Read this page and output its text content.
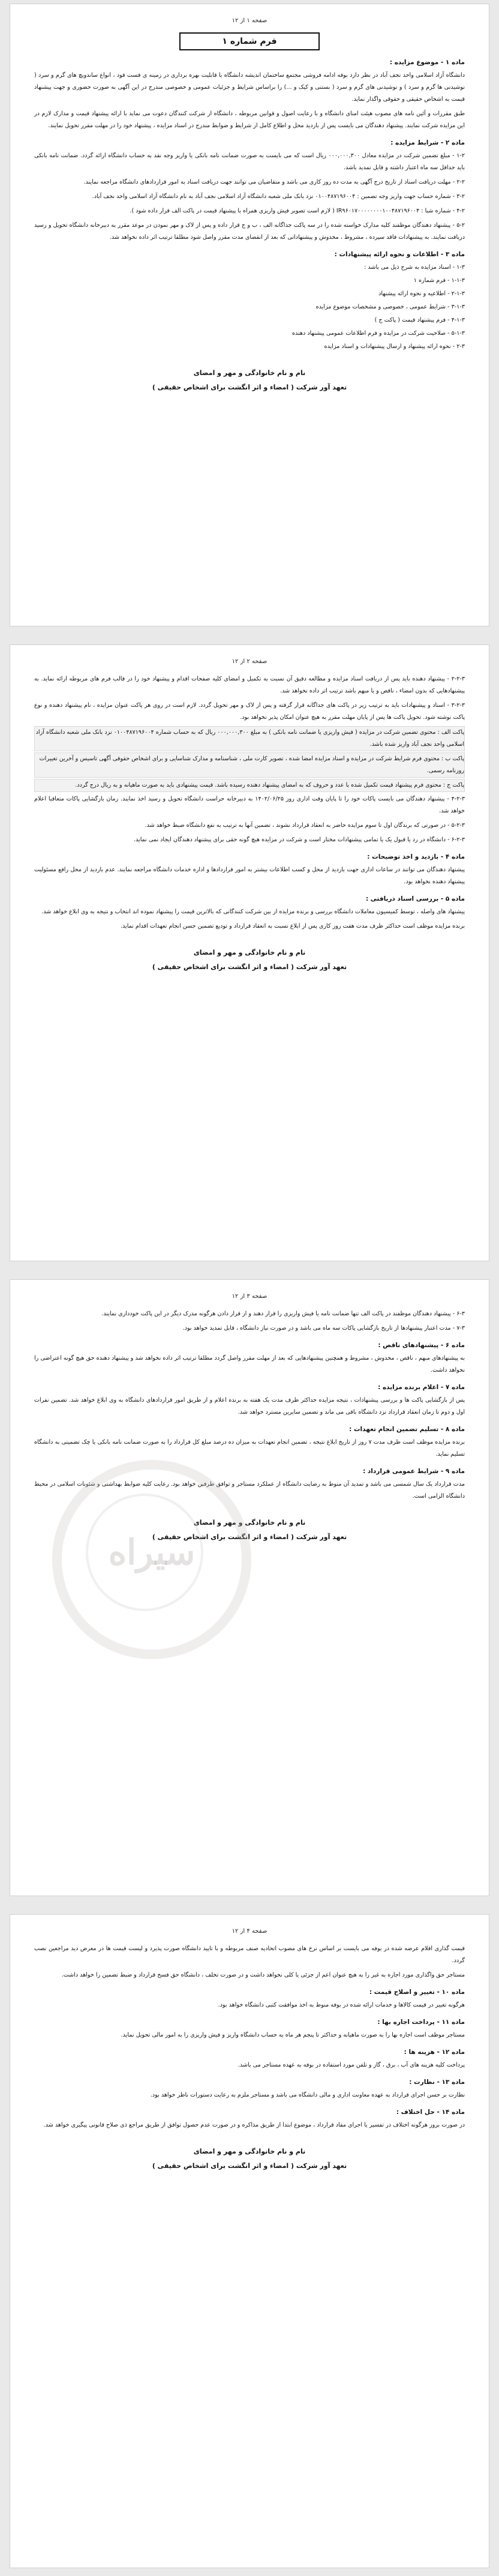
صفحه ۱ از ۱۲
فرم شماره ۱
ماده ۱ - موضوع مزایده :

دانشگاه آزاد اسلامی واحد نجف آباد در نظر دارد بوفه ادامه فروشی مجتمع ساختمان اندیشه دانشگاه با قابلیت بهره برداری در زمینه ی فست فود ، انواع ساندویچ های گرم و سرد ( نوشیدنی ها گرم و سرد ) و نوشیدنی های گرم و سرد ( بستنی و کیک و ...) را براساس شرایط و جزئیات عمومی و خصوصی مندرج در این آگهی به صورت حضوری و جهت پیشنهاد قیمت به اشخاص حقیقی و حقوقی واگذار نماید.

طبق مقررات و آئین نامه های مصوب هیئت امنای دانشگاه و با رعایت اصول و قوانین مربوطه ، دانشگاه از شرکت کنندگان دعوت می نماید با ارائه پیشنهاد قیمت و مدارک لازم در این مزایده شرکت نمایند. پیشنهاد دهندگان می بایست پس از بازدید محل و اطلاع کامل از شرایط و ضوابط مندرج در اسناد مزایده ، پیشنهاد خود را در مهلت مقرر تحویل نمایند.

ماده ۲ - شرایط مزایده :

۱-۲ - مبلغ تضمین شرکت در مزایده معادل ۰۰۰,۰۰۰,۳۰۰ ریال است که می بایست به صورت ضمانت نامه بانکی یا واریز وجه نقد به حساب دانشگاه ارائه گردد. ضمانت نامه بانکی باید حداقل سه ماه اعتبار داشته و قابل تمدید باشد.

۲-۲ - مهلت دریافت اسناد از تاریخ درج آگهی به مدت ده روز کاری می باشد و متقاضیان می توانند جهت دریافت اسناد به امور قراردادهای دانشگاه مراجعه نمایند.

۳-۲ - شماره حساب جهت واریز وجه تضمین : ۰۱۰۰۴۸۷۱۹۶۰۰۴ نزد بانک ملی شعبه دانشگاه آزاد اسلامی نجف آباد به نام دانشگاه آزاد اسلامی واحد نجف آباد.

۴-۲ - شماره شبا : IR۹۶۰۱۷۰۰۰۰۰۰۰۰۱۰۰۴۸۷۱۹۶۰۰۴ ( لازم است تصویر فیش واریزی همراه با پیشنهاد قیمت در پاکت الف قرار داده شود ).

۵-۲ - پیشنهاد دهندگان موظفند کلیه مدارک خواسته شده را در سه پاکت جداگانه الف ، ب و ج قرار داده و پس از لاک و مهر نمودن در موعد مقرر به دبیرخانه دانشگاه تحویل و رسید دریافت نمایند. به پیشنهادات فاقد سپرده ، مشروط ، مخدوش و پیشنهاداتی که بعد از انقضای مدت مقرر واصل شود مطلقا ترتیب اثر داده نخواهد شد.

ماده ۳ - اطلاعات و نحوه ارائه پیشنهادات :
۱-۳ - اسناد مزایده به شرح ذیل می باشد :
۱-۱-۳ - فرم شماره ۱
۲-۱-۳ - اطلاعیه و نحوه ارائه پیشنهاد
۳-۱-۳ - شرایط عمومی ، خصوصی و مشخصات موضوع مزایده
۴-۱-۳ - فرم پیشنهاد قیمت ( پاکت ج )
۵-۱-۳ - صلاحیت شرکت در مزایده و فرم اطلاعات عمومی پیشنهاد دهنده
۲-۳ - نحوه ارائه پیشنهاد و ارسال پیشنهادات و اسناد مزایده
نام و نام خانوادگی و مهر و امضای
تعهد آور شرکت ( امضاء و اثر انگشت برای اشخاص حقیقی )
صفحه ۲ از ۱۲

۲-۲-۳ - پیشنهاد دهنده باید پس از دریافت اسناد مزایده و مطالعه دقیق آن نسبت به تکمیل و امضای کلیه صفحات اقدام و پیشنهاد خود را در قالب فرم های مربوطه ارائه نماید. به پیشنهادهایی که بدون امضاء ، ناقص و یا مبهم باشد ترتیب اثر داده نخواهد شد.

۳-۲-۳ - اسناد و پیشنهادات باید به ترتیب زیر در پاکت های جداگانه قرار گرفته و پس از لاک و مهر تحویل گردد. لازم است در روی هر پاکت عنوان مزایده ، نام پیشنهاد دهنده و نوع پاکت نوشته شود. تحویل پاکت ها پس از پایان مهلت مقرر به هیچ عنوان امکان پذیر نخواهد بود.

پاکت الف : محتوی تضمین شرکت در مزایده ( فیش واریزی یا ضمانت نامه بانکی ) به مبلغ ۰۰۰,۰۰۰,۳۰۰ ریال که به حساب شماره ۰۱۰۰۴۸۷۱۹۶۰۰۴ نزد بانک ملی شعبه دانشگاه آزاد اسلامی واحد نجف آباد واریز شده باشد.
پاکت ب : محتوی فرم شرایط شرکت در مزایده و اسناد مزایده امضا شده ، تصویر کارت ملی ، شناسنامه و مدارک شناسایی و برای اشخاص حقوقی آگهی تاسیس و آخرین تغییرات روزنامه رسمی.
پاکت ج : محتوی فرم پیشنهاد قیمت تکمیل شده با عدد و حروف که به امضای پیشنهاد دهنده رسیده باشد. قیمت پیشنهادی باید به صورت ماهیانه و به ریال درج گردد.

۴-۲-۳ - پیشنهاد دهندگان می بایست پاکات خود را تا پایان وقت اداری روز ۱۴۰۲/۰۶/۲۵ به دبیرخانه حراست دانشگاه تحویل و رسید اخذ نمایند. زمان بازگشایی پاکات متعاقبا اعلام خواهد شد.

۵-۲-۳ - در صورتی که برندگان اول تا سوم مزایده حاضر به انعقاد قرارداد نشوند ، تضمین آنها به ترتیب به نفع دانشگاه ضبط خواهد شد.

۶-۲-۳ - دانشگاه در رد یا قبول یک یا تمامی پیشنهادات مختار است و شرکت در مزایده هیچ گونه حقی برای پیشنهاد دهندگان ایجاد نمی نماید.

ماده ۴ - بازدید و اخذ توضیحات :

پیشنهاد دهندگان می توانند در ساعات اداری جهت بازدید از محل و کسب اطلاعات بیشتر به امور قراردادها و اداره خدمات دانشگاه مراجعه نمایند. عدم بازدید از محل رافع مسئولیت پیشنهاد دهنده نخواهد بود.

ماده ۵ - بررسی اسناد دریافتی :

پیشنهاد های واصله ، توسط کمیسیون معاملات دانشگاه بررسی و برنده مزایده از بین شرکت کنندگانی که بالاترین قیمت را پیشنهاد نموده اند انتخاب و نتیجه به وی ابلاغ خواهد شد.

برنده مزایده موظف است حداکثر ظرف مدت هفت روز کاری پس از ابلاغ نسبت به انعقاد قرارداد و تودیع تضمین حسن انجام تعهدات اقدام نماید.

نام و نام خانوادگی و مهر و امضای
تعهد آور شرکت ( امضاء و اثر انگشت برای اشخاص حقیقی )
سیراه
صفحه ۳ از ۱۲

۶-۳ - پیشنهاد دهندگان موظفند در پاکت الف تنها ضمانت نامه یا فیش واریزی را قرار دهند و از قرار دادن هرگونه مدرک دیگر در این پاکت خودداری نمایند.

۷-۳ - مدت اعتبار پیشنهادها از تاریخ بازگشایی پاکات سه ماه می باشد و در صورت نیاز دانشگاه ، قابل تمدید خواهد بود.

ماده ۶ - پیشنهادهای ناقص :

به پیشنهادهای مبهم ، ناقص ، مخدوش ، مشروط و همچنین پیشنهادهایی که بعد از مهلت مقرر واصل گردد مطلقا ترتیب اثر داده نخواهد شد و پیشنهاد دهنده حق هیچ گونه اعتراضی را نخواهد داشت.

ماده ۷ - اعلام برنده مزایده :

پس از بازگشایی پاکت ها و بررسی پیشنهادات ، نتیجه مزایده حداکثر ظرف مدت یک هفته به برنده اعلام و از طریق امور قراردادهای دانشگاه به وی ابلاغ خواهد شد. تضمین نفرات اول و دوم تا زمان انعقاد قرارداد نزد دانشگاه باقی می ماند و تضمین سایرین مسترد خواهد شد.

ماده ۸ - تسلیم تضمین انجام تعهدات :

برنده مزایده موظف است ظرف مدت ۷ روز از تاریخ ابلاغ نتیجه ، تضمین انجام تعهدات به میزان ده درصد مبلغ کل قرارداد را به صورت ضمانت نامه بانکی یا چک تضمینی به دانشگاه تسلیم نماید.

ماده ۹ - شرایط عمومی قرارداد :

مدت قرارداد یک سال شمسی می باشد و تمدید آن منوط به رضایت دانشگاه از عملکرد مستاجر و توافق طرفین خواهد بود. رعایت کلیه ضوابط بهداشتی و شئونات اسلامی در محیط دانشگاه الزامی است.

نام و نام خانوادگی و مهر و امضای
تعهد آور شرکت ( امضاء و اثر انگشت برای اشخاص حقیقی )
صفحه ۴ از ۱۲

قیمت گذاری اقلام عرضه شده در بوفه می بایست بر اساس نرخ های مصوب اتحادیه صنف مربوطه و با تایید دانشگاه صورت پذیرد و لیست قیمت ها در معرض دید مراجعین نصب گردد.

مستاجر حق واگذاری مورد اجاره به غیر را به هیچ عنوان اعم از جزئی یا کلی نخواهد داشت و در صورت تخلف ، دانشگاه حق فسخ قرارداد و ضبط تضمین را خواهد داشت.

ماده ۱۰ - تغییر و اصلاح قیمت :

هرگونه تغییر در قیمت کالاها و خدمات ارائه شده در بوفه منوط به اخذ موافقت کتبی دانشگاه خواهد بود.

ماده ۱۱ - پرداخت اجاره بها :

مستاجر موظف است اجاره بها را به صورت ماهیانه و حداکثر تا پنجم هر ماه به حساب دانشگاه واریز و فیش واریزی را به امور مالی تحویل نماید.

ماده ۱۲ - هزینه ها :

پرداخت کلیه هزینه های آب ، برق ، گاز و تلفن مورد استفاده در بوفه به عهده مستاجر می باشد.

ماده ۱۳ - نظارت :

نظارت بر حسن اجرای قرارداد به عهده معاونت اداری و مالی دانشگاه می باشد و مستاجر ملزم به رعایت دستورات ناظر خواهد بود.

ماده ۱۴ - حل اختلاف :

در صورت بروز هرگونه اختلاف در تفسیر یا اجرای مفاد قرارداد ، موضوع ابتدا از طریق مذاکره و در صورت عدم حصول توافق از طریق مراجع ذی صلاح قانونی پیگیری خواهد شد.

نام و نام خانوادگی و مهر و امضای
تعهد آور شرکت ( امضاء و اثر انگشت برای اشخاص حقیقی )
